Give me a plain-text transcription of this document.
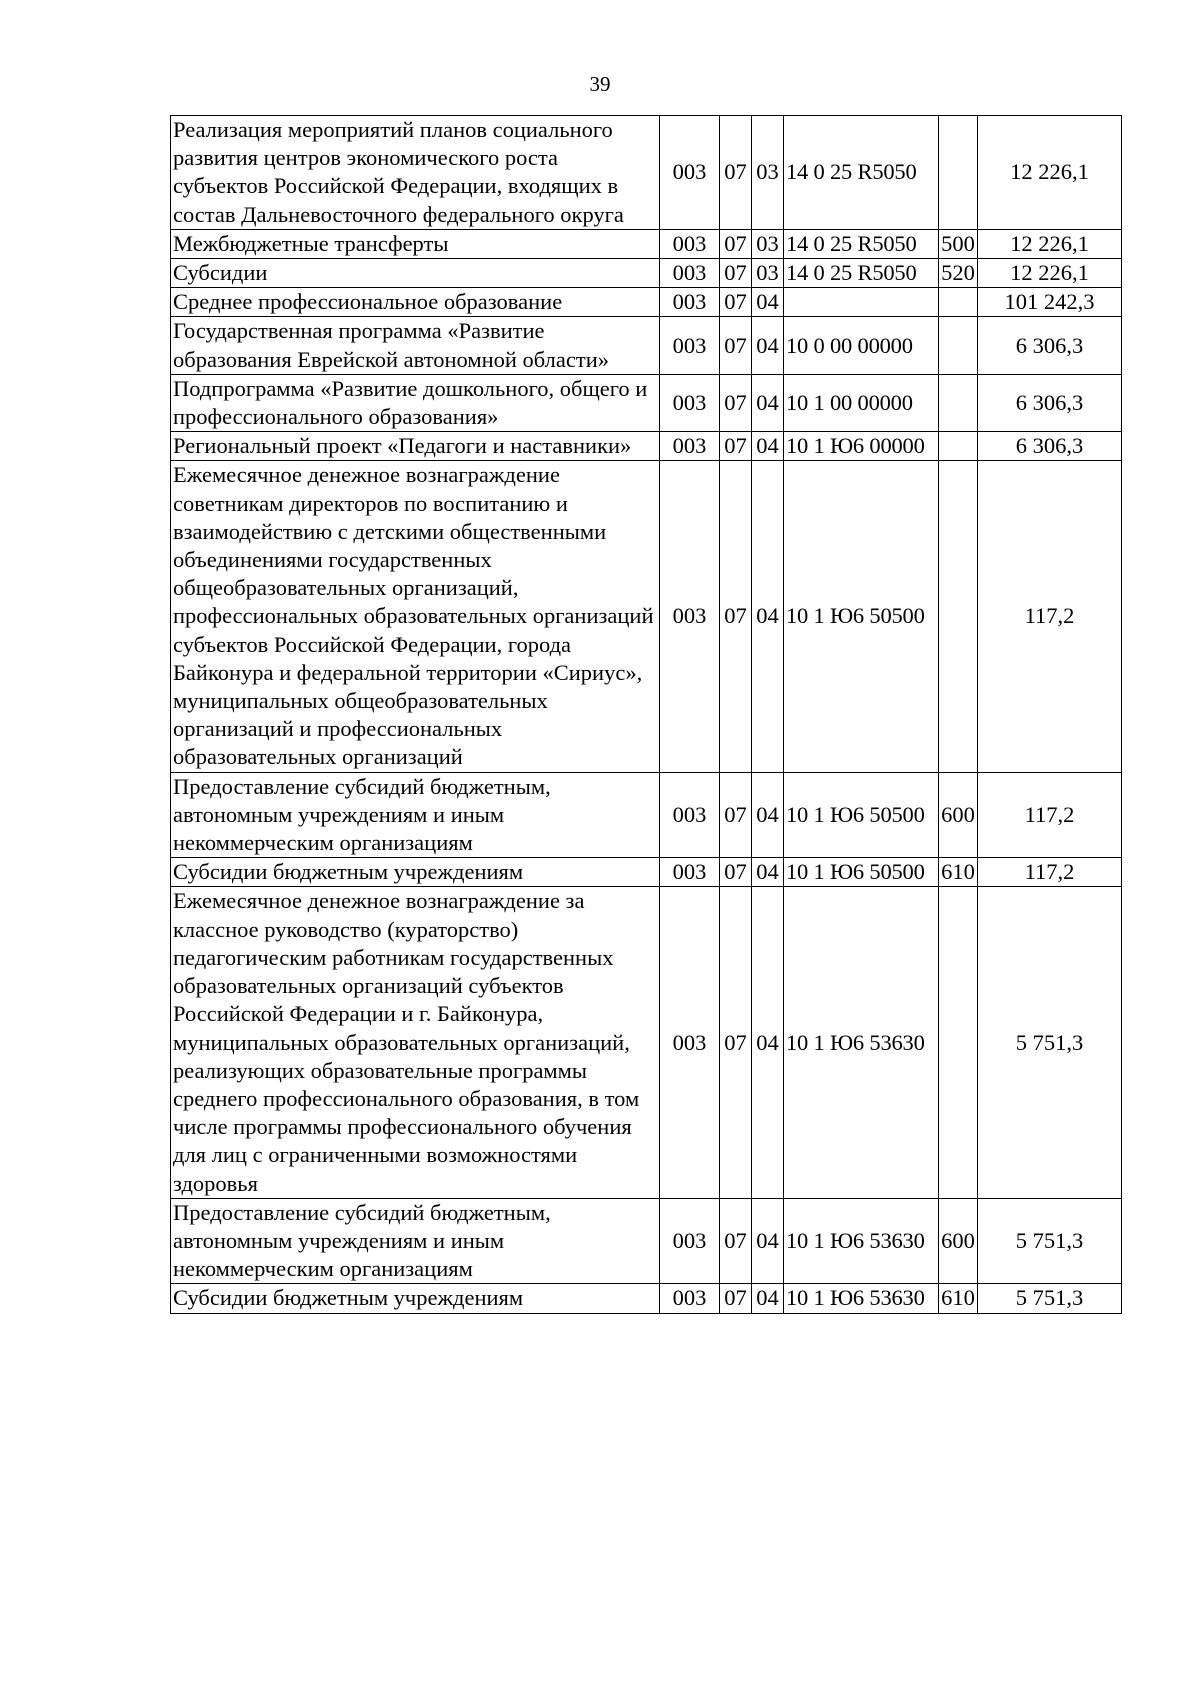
39
Реализация мероприятий планов социального развития центров экономического роста субъектов Российской Федерации, входящих в состав Дальневосточного федерального округа	003	07	03	14 0 25 R5050		12 226,1
Межбюджетные трансферты	003	07	03	14 0 25 R5050	500	12 226,1
Субсидии	003	07	03	14 0 25 R5050	520	12 226,1
Среднее профессиональное образование	003	07	04			101 242,3
Государственная программа «Развитие образования Еврейской автономной области»	003	07	04	10 0 00 00000		6 306,3
Подпрограмма «Развитие дошкольного, общего и профессионального образования»	003	07	04	10 1 00 00000		6 306,3
Региональный проект «Педагоги и наставники»	003	07	04	10 1 Ю6 00000		6 306,3
Ежемесячное денежное вознаграждение советникам директоров по воспитанию и взаимодействию с детскими общественными объединениями государственных общеобразовательных организаций, профессиональных образовательных организаций субъектов Российской Федерации, города Байконура и федеральной территории «Сириус», муниципальных общеобразовательных организаций и профессиональных образовательных организаций	003	07	04	10 1 Ю6 50500		117,2
Предоставление субсидий бюджетным, автономным учреждениям и иным некоммерческим организациям	003	07	04	10 1 Ю6 50500	600	117,2
Субсидии бюджетным учреждениям	003	07	04	10 1 Ю6 50500	610	117,2
Ежемесячное денежное вознаграждение за классное руководство (кураторство) педагогическим работникам государственных образовательных организаций субъектов Российской Федерации и г. Байконура, муниципальных образовательных организаций, реализующих образовательные программы среднего профессионального образования, в том числе программы профессионального обучения для лиц с ограниченными возможностями здоровья	003	07	04	10 1 Ю6 53630		5 751,3
Предоставление субсидий бюджетным, автономным учреждениям и иным некоммерческим организациям	003	07	04	10 1 Ю6 53630	600	5 751,3
Субсидии бюджетным учреждениям	003	07	04	10 1 Ю6 53630	610	5 751,3
